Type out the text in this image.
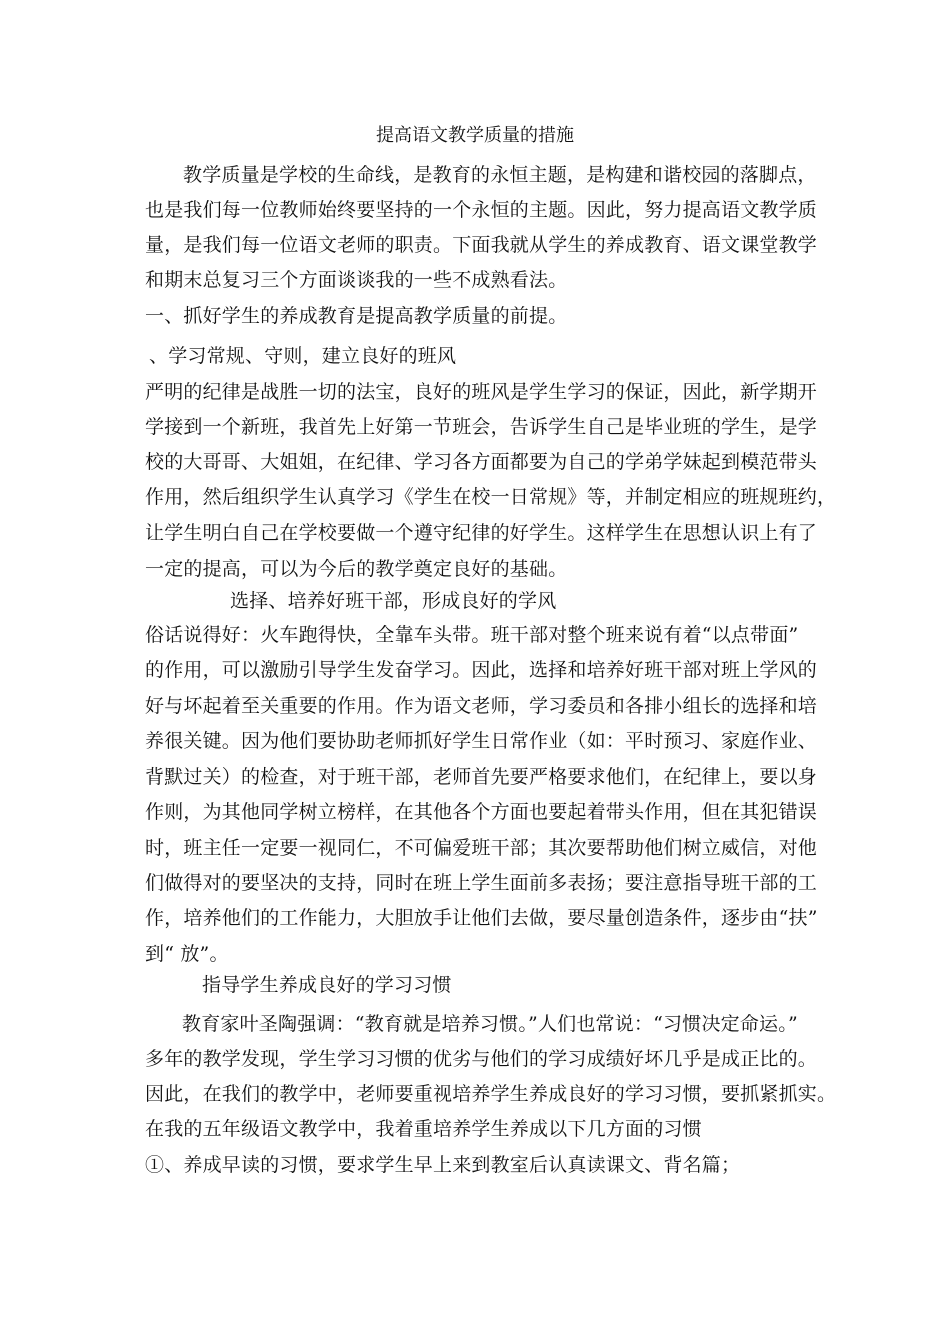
提高语文教学质量的措施
教学质量是学校的生命线，是教育的永恒主题，是构建和谐校园的落脚点，
也是我们每一位教师始终要坚持的一个永恒的主题。因此，努力提高语文教学质
量，是我们每一位语文老师的职责。下面我就从学生的养成教育、语文课堂教学
和期末总复习三个方面谈谈我的一些不成熟看法。
一、抓好学生的养成教育是提高教学质量的前提。
、学习常规、守则，建立良好的班风
严明的纪律是战胜一切的法宝，良好的班风是学生学习的保证，因此，新学期开
学接到一个新班，我首先上好第一节班会，告诉学生自己是毕业班的学生，是学
校的大哥哥、大姐姐，在纪律、学习各方面都要为自己的学弟学妹起到模范带头
作用，然后组织学生认真学习《学生在校一日常规》等，并制定相应的班规班约，
让学生明白自己在学校要做一个遵守纪律的好学生。这样学生在思想认识上有了
一定的提高，可以为今后的教学奠定良好的基础。
选择、培养好班干部，形成良好的学风
俗话说得好：火车跑得快，全靠车头带。班干部对整个班来说有着“以点带面”
的作用，可以激励引导学生发奋学习。因此，选择和培养好班干部对班上学风的
好与坏起着至关重要的作用。作为语文老师，学习委员和各排小组长的选择和培
养很关键。因为他们要协助老师抓好学生日常作业（如：平时预习、家庭作业、
背默过关）的检查，对于班干部，老师首先要严格要求他们，在纪律上，要以身
作则，为其他同学树立榜样，在其他各个方面也要起着带头作用，但在其犯错误
时，班主任一定要一视同仁，不可偏爱班干部；其次要帮助他们树立威信，对他
们做得对的要坚决的支持，同时在班上学生面前多表扬；要注意指导班干部的工
作，培养他们的工作能力，大胆放手让他们去做，要尽量创造条件，逐步由“扶”
到“ 放”。
指导学生养成良好的学习习惯
教育家叶圣陶强调：“教育就是培养习惯。”人们也常说：“习惯决定命运。”
多年的教学发现，学生学习习惯的优劣与他们的学习成绩好坏几乎是成正比的。
因此，在我们的教学中，老师要重视培养学生养成良好的学习习惯，要抓紧抓实。
在我的五年级语文教学中，我着重培养学生养成以下几方面的习惯
①、养成早读的习惯，要求学生早上来到教室后认真读课文、背名篇；
